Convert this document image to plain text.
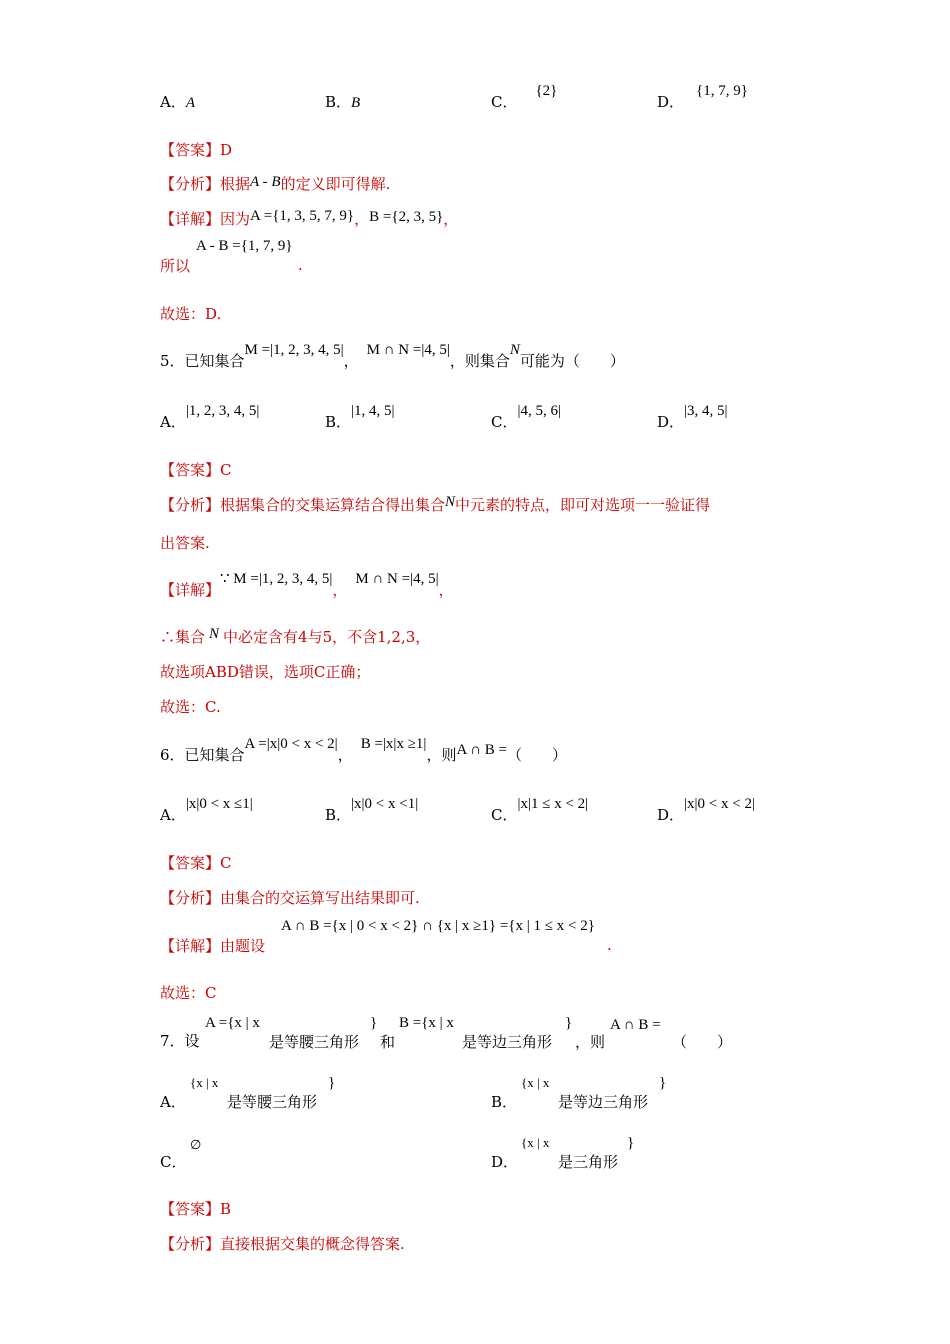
A．A	B．B	C．{2}
D．{1, 7, 9}
【答案】D
【分析】根据A - B的定义即可得解.
【详解】因为A ={1, 3, 5, 7, 9}，B ={2, 3, 5}，
所以
A - B ={1, 7, 9}
.
故选：D.
5．已知集合M =|1, 2, 3, 4, 5|，M ∩ N =|4, 5|，则集合N可能为（　　）
A．|1, 2, 3, 4, 5|
B．|1, 4, 5|
C．|4, 5, 6|
D．|3, 4, 5|
【答案】C
【分析】根据集合的交集运算结合得出集合N中元素的特点，即可对选项一一验证得
出答案.
【详解】∵ M =|1, 2, 3, 4, 5|，M ∩ N =|4, 5|，
∴集合 N 中必定含有4与5，不含1,2,3，
故选项ABD错误，选项C正确；
故选：C.
6．已知集合A =|x|0 < x < 2|，B =|x|x ≥1|，则A ∩ B =（　　）
A．|x|0 < x ≤1|
B．|x|0 < x <1|
C．|x|1 ≤ x < 2|
D．|x|0 < x < 2|
【答案】C
【分析】由集合的交运算写出结果即可.
【详解】由题设
A ∩ B ={x | 0 < x < 2} ∩ {x | x ≥1} ={x | 1 ≤ x < 2}
.
故选：C
7．设
A ={x | x
是等腰三角形
}
和
B ={x | x
是等边三角形
}
，则
A ∩ B =
（　　）
A．
{x | x
是等腰三角形
}
B．
{x | x
是等边三角形
}
C．
∅
D．
{x | x
是三角形
}
【答案】B
【分析】直接根据交集的概念得答案.
